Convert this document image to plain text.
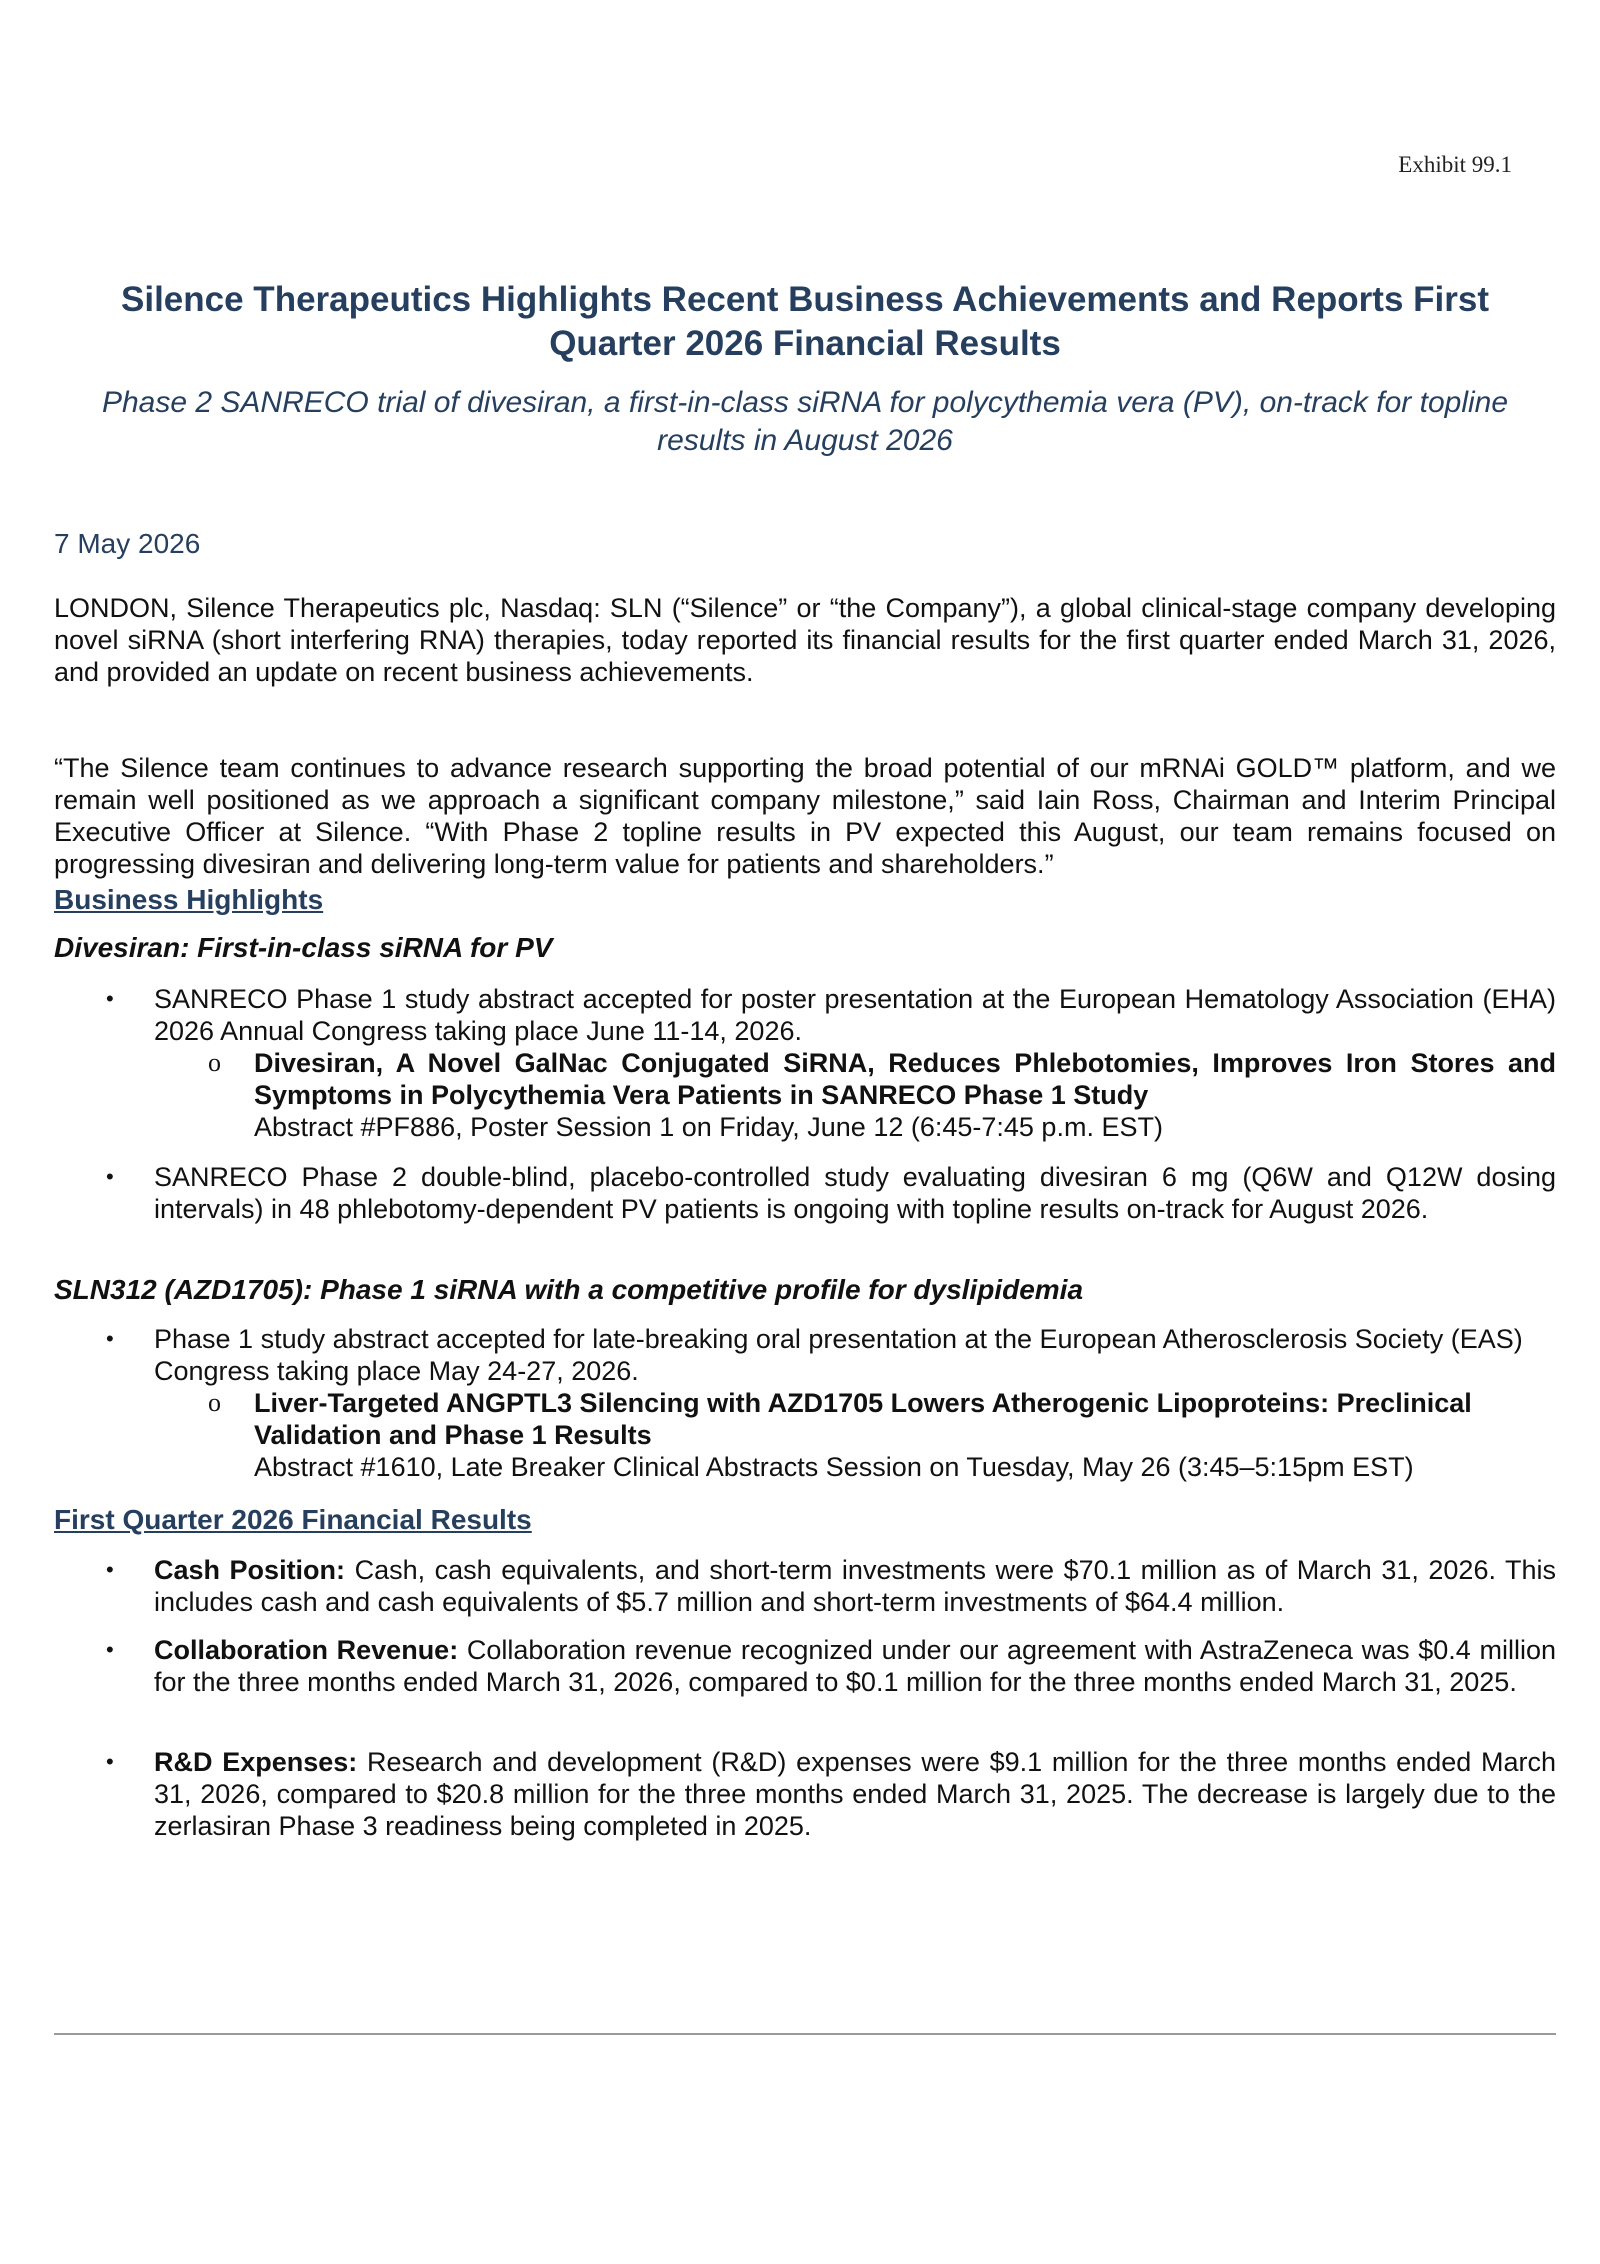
Exhibit 99.1
Silence Therapeutics Highlights Recent Business Achievements and Reports First Quarter 2026 Financial Results

Phase 2 SANRECO trial of divesiran, a first-in-class siRNA for polycythemia vera (PV), on-track for topline results in August 2026

7 May 2026

LONDON, Silence Therapeutics plc, Nasdaq: SLN (“Silence” or “the Company”), a global clinical-stage company developing novel siRNA (short interfering RNA) therapies, today reported its financial results for the first quarter ended March 31, 2026, and provided an update on recent business achievements.

“The Silence team continues to advance research supporting the broad potential of our mRNAi GOLD™ platform, and we remain well positioned as we approach a significant company milestone,” said Iain Ross, Chairman and Interim Principal Executive Officer at Silence. “With Phase 2 topline results in PV expected this August, our team remains focused on progressing divesiran and delivering long-term value for patients and shareholders.”

Business Highlights
Divesiran: First-in-class siRNA for PV
• SANRECO Phase 1 study abstract accepted for poster presentation at the European Hematology Association (EHA) 2026 Annual Congress taking place June 11-14, 2026.
o Divesiran, A Novel GalNac Conjugated SiRNA, Reduces Phlebotomies, Improves Iron Stores and Symptoms in Polycythemia Vera Patients in SANRECO Phase 1 Study
Abstract #PF886, Poster Session 1 on Friday, June 12 (6:45-7:45 p.m. EST)
• SANRECO Phase 2 double-blind, placebo-controlled study evaluating divesiran 6 mg (Q6W and Q12W dosing intervals) in 48 phlebotomy-dependent PV patients is ongoing with topline results on-track for August 2026.
SLN312 (AZD1705): Phase 1 siRNA with a competitive profile for dyslipidemia
• Phase 1 study abstract accepted for late-breaking oral presentation at the European Atherosclerosis Society (EAS) Congress taking place May 24-27, 2026.
o Liver-Targeted ANGPTL3 Silencing with AZD1705 Lowers Atherogenic Lipoproteins: Preclinical Validation and Phase 1 Results
Abstract #1610, Late Breaker Clinical Abstracts Session on Tuesday, May 26 (3:45–5:15pm EST)
First Quarter 2026 Financial Results
• Cash Position: Cash, cash equivalents, and short-term investments were $70.1 million as of March 31, 2026. This includes cash and cash equivalents of $5.7 million and short-term investments of $64.4 million.
• Collaboration Revenue: Collaboration revenue recognized under our agreement with AstraZeneca was $0.4 million for the three months ended March 31, 2026, compared to $0.1 million for the three months ended March 31, 2025.
• R&D Expenses: Research and development (R&D) expenses were $9.1 million for the three months ended March 31, 2026, compared to $20.8 million for the three months ended March 31, 2025. The decrease is largely due to the zerlasiran Phase 3 readiness being completed in 2025.
